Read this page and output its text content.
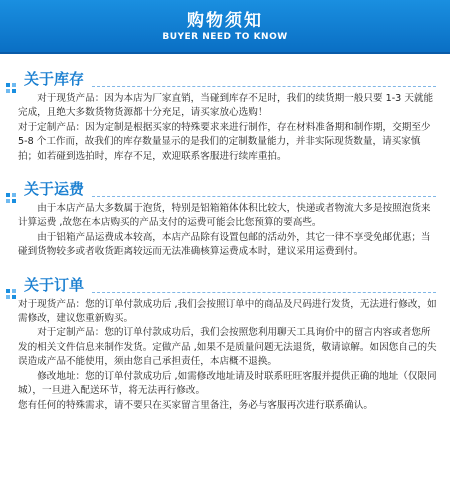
购物须知
BUYER NEED TO KNOW
关于库存

对于现货产品：因为本店为厂家直销，当碰到库存不足时，我们的续货期一般只要 1-3 天就能完成，且绝大多数货物货源都十分充足，请买家放心选购！

对于定制产品：因为定制是根据买家的特殊要求来进行制作，存在材料准备期和制作期，交期至少 5-8 个工作而，故我们的库存数量显示的是我们的定制数量能力，并非实际现货数量，请买家慎拍；如若碰到选拍时，库存不足，欢迎联系客服进行续库重拍。

关于运费

由于本店产品大多数属于泡货，特别是铝箱箱体体积比较大，快递或者物流大多是按照泡货来计算运费 ,故您在本店购买的产品支付的运费可能会比您预算的要高些。

由于铝箱产品运费成本较高，本店产品除有设置包邮的活动外，其它一律不享受免邮优惠；当碰到货物较多或者收货距离较远而无法准确核算运费成本时，建议采用运费到付。

关于订单

对于现货产品：您的订单付款成功后 ,我们会按照订单中的商品及尺码进行发货，无法进行修改，如需修改，建议您重新购买。

对于定制产品：您的订单付款成功后，我们会按照您利用聊天工具询价中的留言内容或者您所发的相关文件信息来制作发货。定做产品 ,如果不是质量问题无法退货，敬请谅解。如因您自己的失误造成产品不能使用，须由您自己承担责任，本店概不退换。

修改地址：您的订单付款成功后 ,如需修改地址请及时联系旺旺客服并提供正确的地址（仅限同城），一旦进入配送环节，将无法再行修改。

您有任何的特殊需求，请不要只在买家留言里备注，务必与客服再次进行联系确认。
